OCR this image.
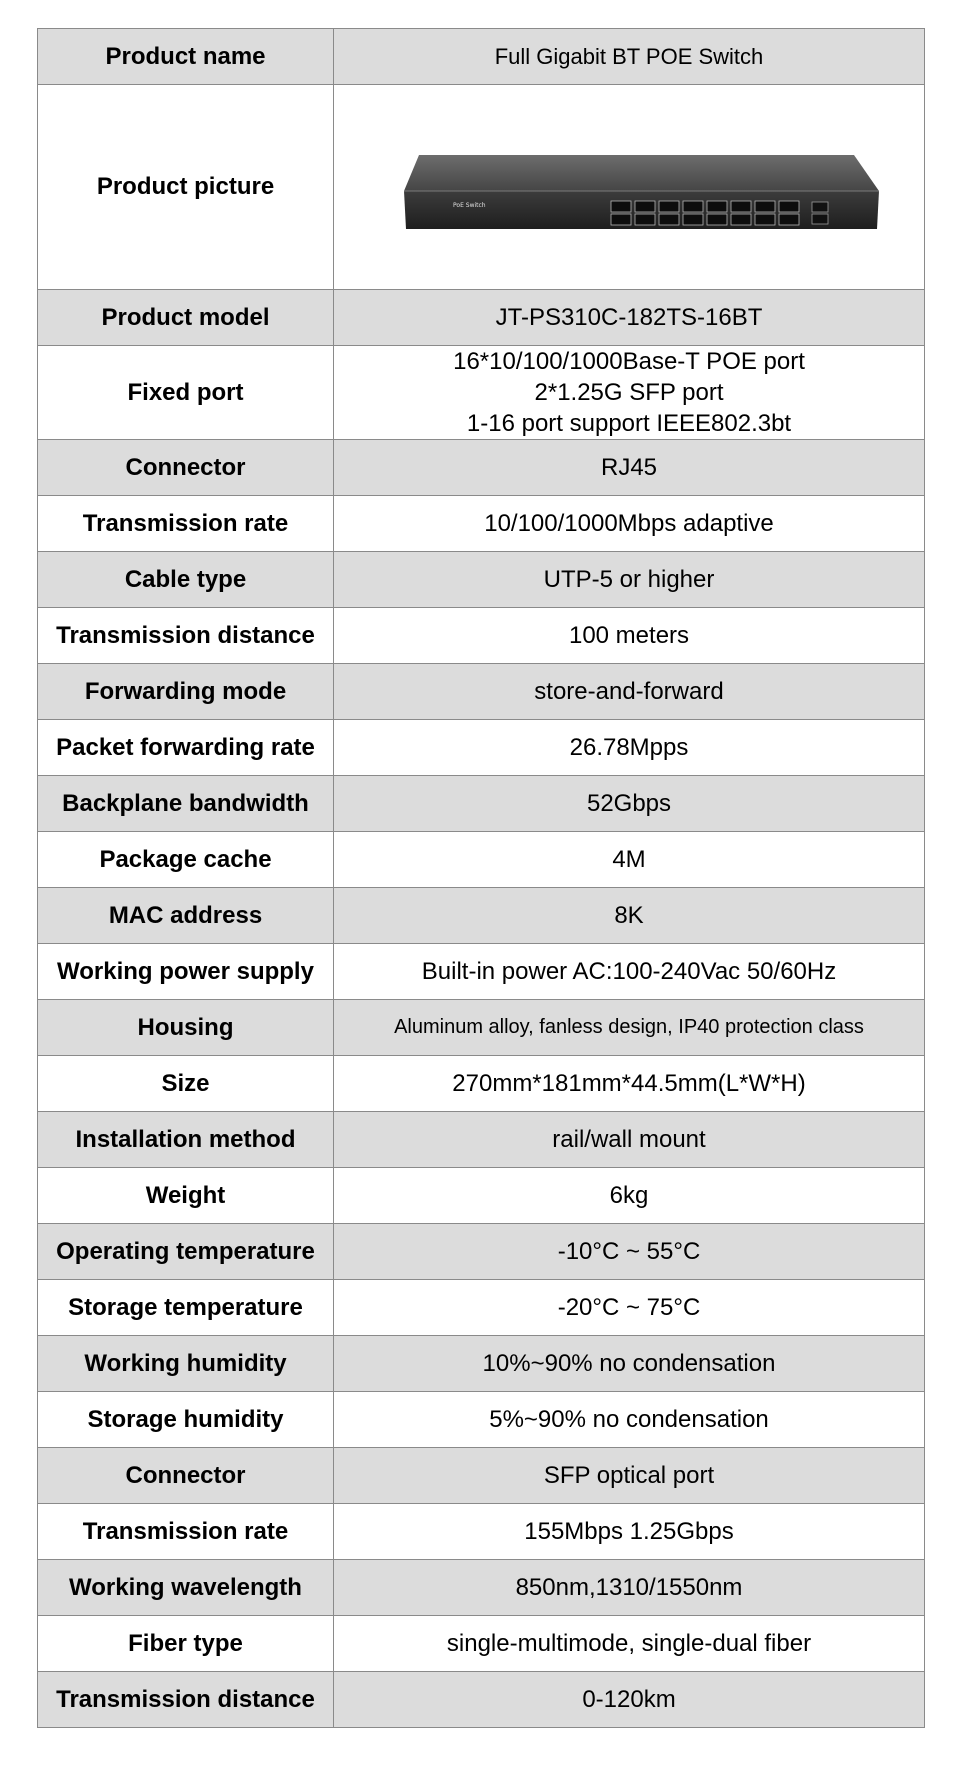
Product name	Full Gigabit BT POE Switch
Product picture	PoE Switch

Product model	JT-PS310C-182TS-16BT
Fixed port	16*10/100/1000Base-T POE port
2*1.25G SFP port
1-16 port support IEEE802.3bt

Connector	RJ45
Transmission rate	10/100/1000Mbps adaptive
Cable type	UTP-5 or higher
Transmission distance	100 meters
Forwarding mode	store-and-forward
Packet forwarding rate	26.78Mpps
Backplane bandwidth	52Gbps
Package cache	4M
MAC address	8K
Working power supply	Built-in power AC:100-240Vac 50/60Hz
Housing	Aluminum alloy, fanless design, IP40 protection class
Size	270mm*181mm*44.5mm(L*W*H)
Installation method	rail/wall mount
Weight	6kg
Operating temperature	-10°C ~ 55°C
Storage temperature	-20°C ~ 75°C
Working humidity	10%~90% no condensation
Storage humidity	5%~90% no condensation
Connector	SFP optical port
Transmission rate	155Mbps 1.25Gbps
Working wavelength	850nm,1310/1550nm
Fiber type	single-multimode, single-dual fiber
Transmission distance	0-120km
